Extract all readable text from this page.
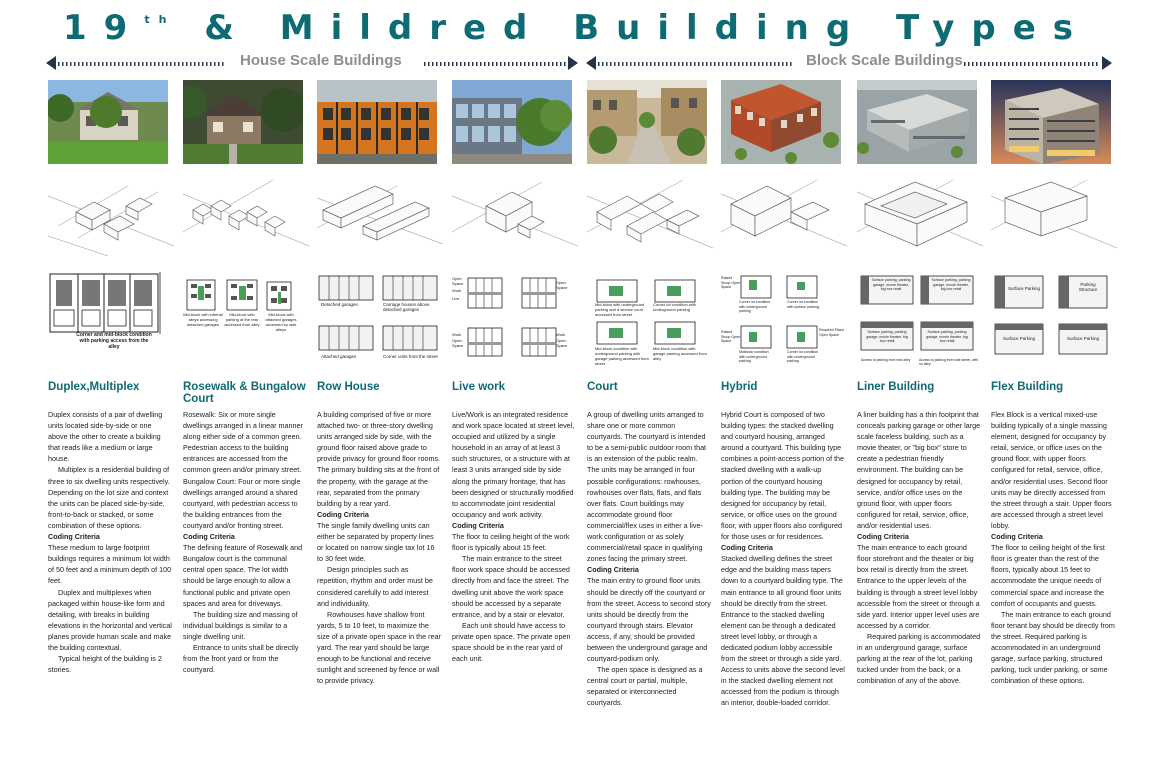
19th & Mildred Building Types
House Scale Buildings	Block Scale Buildings
Corner and mid-block condition with parking access from the alley
Mid-block with internal alleys accessing detached garages
Mid-block with parking at the rear accessed from alley
Mid-block with attached garages accessed by side alleys
Detached garages	Carriage houses above detached garages
Attached garages	Corner units front the street
Open Space
Work
Live
Open Space
Work
Open Space
Work
Open Space
Mid-block with underground parking and a service court accessed from street
Corner lot condition with underground parking
Mid-block condition with underground parking with garage parking accessed from street
Mid-block condition with garage parking accessed from alley
Raised Stoop Open Space
Corner lot condition with underground parking
Corner lot condition with surface parking
Raised Stoop Open Space
Required Plaza Open Space
Midblock condition with underground parking
Corner lot condition with underground parking
Surface parking, parking garage, movie theater, big box retail
Surface parking, parking garage, movie theater, big box retail
Surface parking, parking garage, movie theater, big box retail
Surface parking, parking garage, movie theater, big box retail
Access to parking from rear alley	Access to parking from side street, with no alley
Surface Parking
Parking Structure
Surface Parking	Surface Parking
Duplex,Multiplex	Rosewalk & Bungalow Court
Row House	Live work	Court	Hybrid	Liner Building	Flex Building

Duplex consists of a pair of dwelling units located side-by-side or one above the other to create a building that reads like a medium or large house.

Multiplex is a residential building of three to six dwelling units respectively. Depending on the lot size and context the units can be placed side-by-side, front-to-back or stacked, or some combination of these options.

Coding Criteria

These medium to large footprint buildings requires a minimum lot width of 50 feet and a minimum depth of 100 feet.

Duplex and multiplexes when packaged within house-like form and detailing, with breaks in building elevations in the horizontal and vertical planes provide human scale and make the building contextual.

Typical height of the building is 2 stories.

Rosewalk: Six or more single dwellings arranged in a linear manner along either side of a common green. Pedestrian access to the building entrances are accessed from the common green and/or primary street.

Bungalow Court: Four or more single dwellings arranged around a shared courtyard, with pedestrian access to the building entrances from the courtyard and/or fronting street.

Coding Criteria

The defining feature of Rosewalk and Bungalow court is the communal central open space. The lot width should be large enough to allow a functional public and private open spaces and area for driveways.

The building size and massing of individual buildings is similar to a single dwelling unit.

Entrance to units shall be directly from the front yard or from the courtyard.

A building comprised of five or more attached two- or three-story dwelling units arranged side by side, with the ground floor raised above grade to provide privacy for ground floor rooms. The primary building sits at the front of the property, with the garage at the rear, separated from the primary building by a rear yard.

Coding Criteria

The single family dwelling units can either be separated by property lines or located on narrow single tax lot 16 to 30 feet wide.

Design principles such as repetition, rhythm and order must be considered carefully to add interest and individuality.

Rowhouses have shallow front yards, 5 to 10 feet, to maximize the size of a private open space in the rear yard. The rear yard should be large enough to be functional and receive sunlight and screened by fence or wall to provide privacy.

Live/Work is an integrated residence and work space located at street level, occupied and utilized by a single household in an array of at least 3 such structures, or a structure with at least 3 units arranged side by side along the primary frontage, that has been designed or structurally modified to accommodate joint residential occupancy and work activity.

Coding Criteria

The floor to ceiling height of the work floor is typically about 15 feet.

The main entrance to the street floor work space should be accessed directly from and face the street. The dwelling unit above the work space should be accessed by a separate entrance, and by a stair or elevator.

Each unit should have access to private open space. The private open space should be in the rear yard of each unit.

A group of dwelling units arranged to share one or more common courtyards. The courtyard is intended to be a semi-public outdoor room that is an extension of the public realm. The units may be arranged in four possible configurations: rowhouses, rowhouses over flats, flats, and flats over flats. Court buildings may accommodate ground floor commercial/flex uses in either a live-work configuration or as solely commercial/retail space in qualifying zones facing the primary street.

Coding Criteria

The main entry to ground floor units should be directly off the courtyard or from the street. Access to second story units should be directly from the courtyard through stairs. Elevator access, if any, should be provided between the underground garage and courtyard-podium only.

The open space is designed as a central court or partial, multiple, separated or interconnected courtyards.

Hybrid Court is composed of two building types: the stacked dwelling and courtyard housing, arranged around a courtyard. This building type combines a point-access portion of the stacked dwelling with a walk-up portion of the courtyard housing building type. The building may be designed for occupancy by retail, service, or office uses on the ground floor, with upper floors also configured for those uses or for residences.

Coding Criteria

Stacked dwelling defines the street edge and the building mass tapers down to a courtyard building type. The main entrance to all ground floor units should be directly from the street. Entrance to the stacked dwelling element can be through a dedicated street level lobby, or through a dedicated podium lobby accessible from the street or through a side yard. Access to units above the second level in the stacked dwelling element not accessed from the podium is through an interior, double-loaded corridor.

A liner building has a thin footprint that conceals parking garage or other large scale faceless building, such as a movie theater, or "big box" store to create a pedestrian friendly environment. The building can be designed for occupancy by retail, service, and/or office uses on the ground floor, with upper floors configured for retail, service, office, and/or residential uses.

Coding Criteria

The main entrance to each ground floor storefront and the theater or big box retail is directly from the street. Entrance to the upper levels of the building is through a street level lobby accessible from the street or through a side yard. Interior upper level uses are accessed by a corridor.

Required parking is accommodated in an underground garage, surface parking at the rear of the lot, parking tucked under from the back, or a combination of any of the above.

Flex Block is a vertical mixed-use building typically of a single massing element, designed for occupancy by retail, service, or office uses on the ground floor, with upper floors configured for retail, service, office, and/or residential uses. Second floor units may be directly accessed from the street through a stair. Upper floors are accessed through a street level lobby.

Coding Criteria

The floor to ceiling height of the first floor is greater than the rest of the floors, typically about 15 feet to accommodate the unique needs of commercial space and increase the comfort of occupants and guests.

The main entrance to each ground floor tenant bay should be directly from the street. Required parking is accommodated in an underground garage, surface parking, structured parking, tuck under parking, or some combination of these options.
